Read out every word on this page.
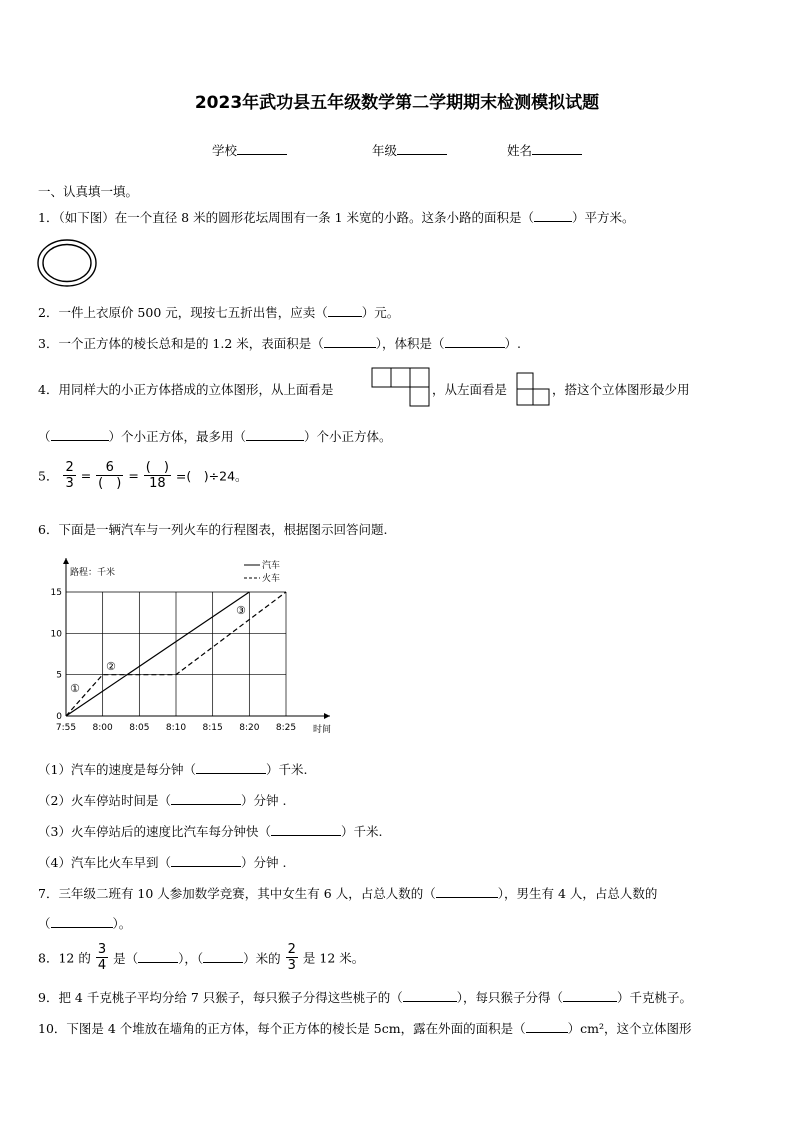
2023年武功县五年级数学第二学期期末检测模拟试题
学校	年级	姓名
一、认真填一填。
1．（如下图）在一个直径 8 米的圆形花坛周围有一条 1 米宽的小路。这条小路的面积是（	）平方米。
2．一件上衣原价 500 元，现按七五折出售，应卖（	）元。
3．一个正方体的棱长总和是的 1.2 米，表面积是（	），体积是（	）.
4．用同样大的小正方体搭成的立体图形，从上面看是	，从左面看是	，搭这个立体图形最少用
（	）个小正方体，最多用（	）个小正方体。
5． $\frac{2}{3} = \frac{6}{( )} = \frac{( )}{18}$ =(　)÷24。
6．下面是一辆汽车与一列火车的行程图表，根据图示回答问题.
7:55 8:00 8:05 8:10 8:15 8:20 8:25
0
5
10
15
路程：千米
时间
汽车
火车
①
②
③
（1）汽车的速度是每分钟（	）千米.
（2）火车停站时间是（	）分钟 .
（3）火车停站后的速度比汽车每分钟快（	）千米.
（4）汽车比火车早到（	）分钟 .
7．三年级二班有 10 人参加数学竞赛，其中女生有 6 人，占总人数的（	），男生有 4 人，占总人数的
（	）。
8．12 的 $\frac{3}{4}$ 是（	），（	）米的 $\frac{2}{3}$ 是 12 米。
9．把 4 千克桃子平均分给 7 只猴子，每只猴子分得这些桃子的（	），每只猴子分得（	）千克桃子。
10．下图是 4 个堆放在墙角的正方体，每个正方体的棱长是 5cm，露在外面的面积是（	）cm²，这个立体图形
